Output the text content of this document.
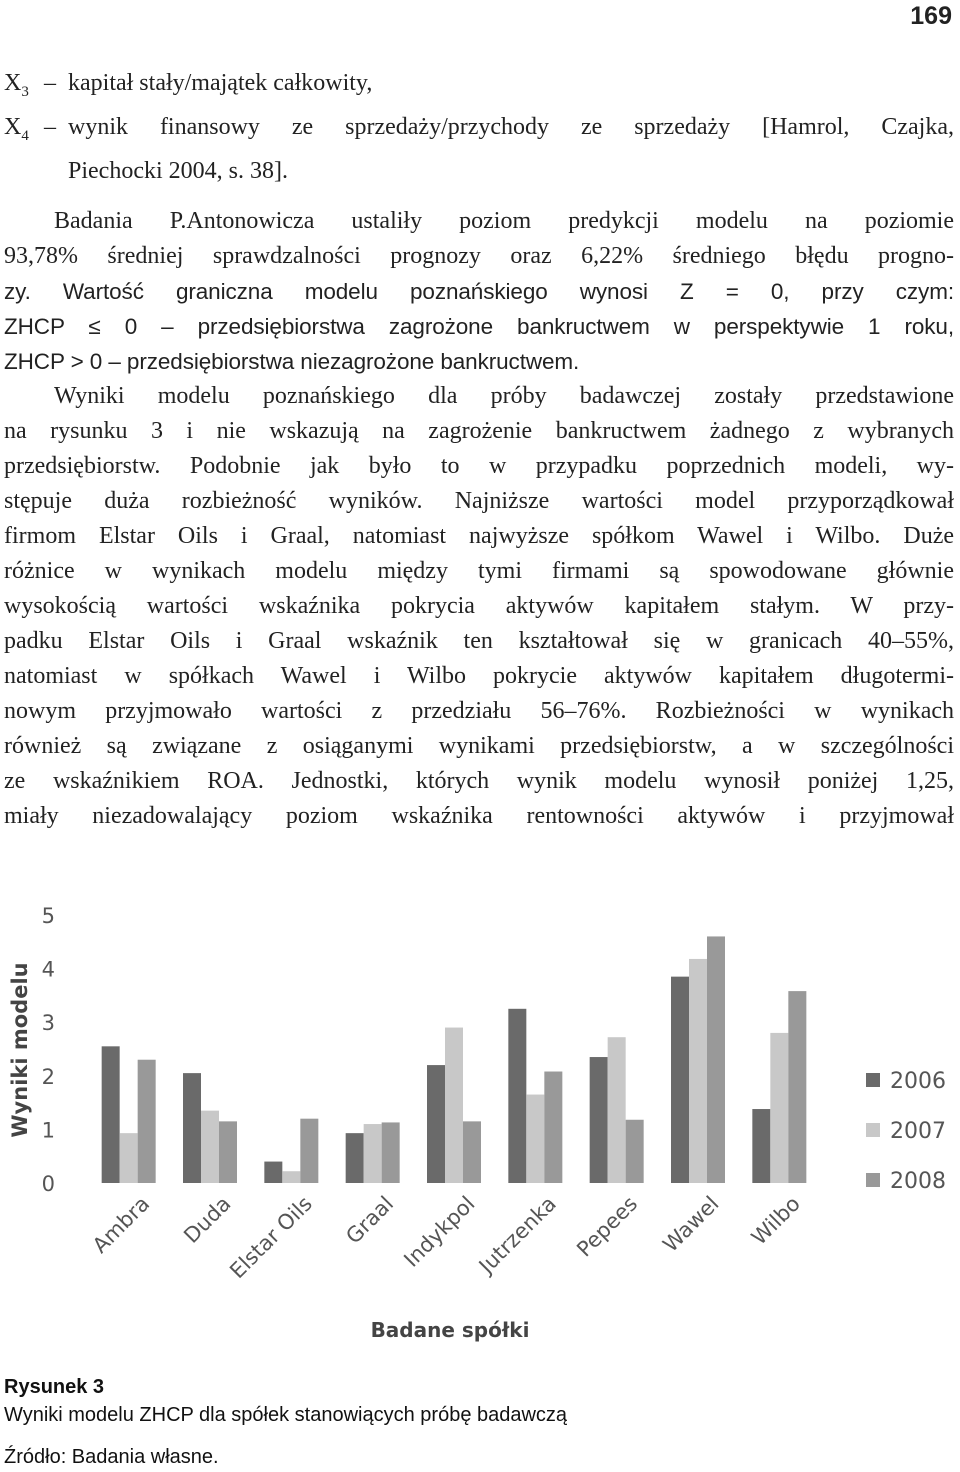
169
$X_3$ – kapitał stały/majątek całkowity,
$X_4$ – wynik finansowy ze sprzedaży/przychody ze sprzedaży [Hamrol, Czajka,
Piechocki 2004, s. 38].

Badania P.Antonowicza ustaliły poziom predykcji modelu na poziomie

93,78% średniej sprawdzalności prognozy oraz 6,22% średniego błędu progno-

zy. Wartość graniczna modelu poznańskiego wynosi Z = 0, przy czym:

ZHCP ≤ 0 – przedsiębiorstwa zagrożone bankructwem w perspektywie 1 roku,

ZHCP > 0 – przedsiębiorstwa niezagrożone bankructwem.

Wyniki modelu poznańskiego dla próby badawczej zostały przedstawione

na rysunku 3 i nie wskazują na zagrożenie bankructwem żadnego z wybranych

przedsiębiorstw. Podobnie jak było to w przypadku poprzednich modeli, wy-

stępuje duża rozbieżność wyników. Najniższe wartości model przyporządkował

firmom Elstar Oils i Graal, natomiast najwyższe spółkom Wawel i Wilbo. Duże

różnice w wynikach modelu między tymi firmami są spowodowane głównie

wysokością wartości wskaźnika pokrycia aktywów kapitałem stałym. W przy-

padku Elstar Oils i Graal wskaźnik ten kształtował się w granicach 40–55%,

natomiast w spółkach Wawel i Wilbo pokrycie aktywów kapitałem długotermi-

nowym przyjmowało wartości z przedziału 56–76%. Rozbieżności w wynikach

również są związane z osiąganymi wynikami przedsiębiorstw, a w szczególności

ze wskaźnikiem ROA. Jednostki, których wynik modelu wynosił poniżej 1,25,

miały niezadowalający poziom wskaźnika rentowności aktywów i przyjmował

Wyniki modelu
0
1
2
3
4
5
Ambra Duda
Elstar Oils Graal Indykpol
Jutrzenka Pepees Wawel Wilbo
Badane spółki
2006
2007
2008
Rysunek 3
Wyniki modelu ZHCP dla spółek stanowiących próbę badawczą
Źródło: Badania własne.
